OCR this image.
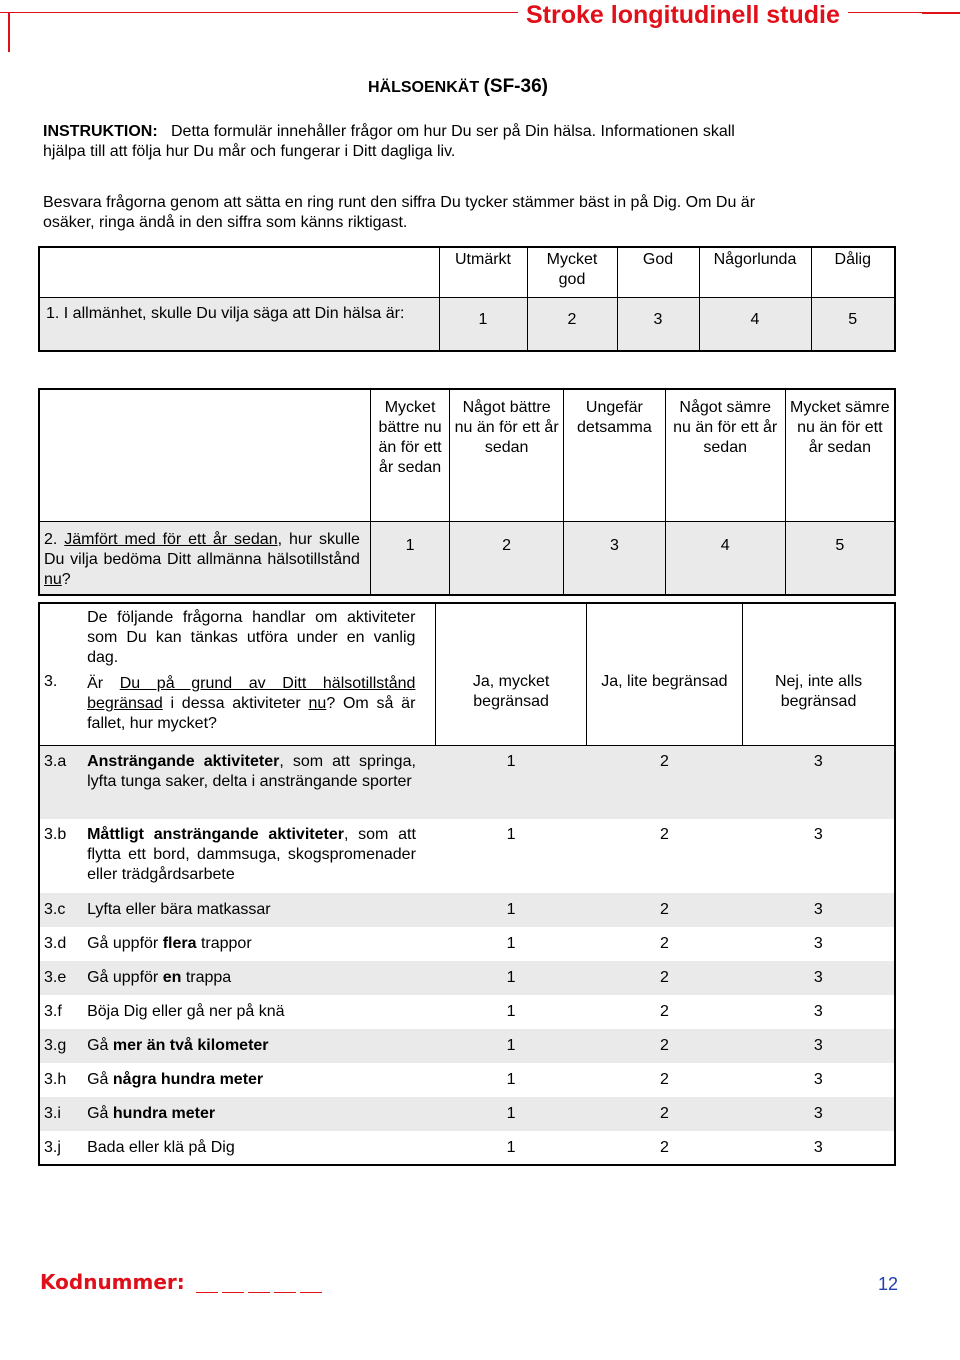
Stroke longitudinell studie
HÄLSOENKÄT (SF-36)
INSTRUKTION: Detta formulär innehåller frågor om hur Du ser på Din hälsa. Informationen skall
hjälpa till att följa hur Du mår och fungerar i Ditt dagliga liv.
Besvara frågorna genom att sätta en ring runt den siffra Du tycker stämmer bäst in på Dig. Om Du är
osäker, ringa ändå in den siffra som känns riktigast.
	Utmärkt	Mycket god	God	Någorlunda	Dålig
1. I allmänhet, skulle Du vilja säga att Din hälsa är:	1	2	3	4	5
	Mycket bättre nu än för ett år sedan	Något bättre nu än för ett år sedan	Ungefär detsamma	Något sämre nu än för ett år sedan	Mycket sämre nu än för ett år sedan
2. Jämfört med för ett år sedan, hur skulle Du vilja bedöma Ditt allmänna hälsotillstånd nu?	1	2	3	4	5
3.	De följande frågorna handlar om aktiviteter som Du kan tänkas utföra under en vanlig dag.
Är Du på grund av Ditt hälsotillstånd begränsad i dessa aktiviteter nu? Om så är fallet, hur mycket?	Ja, mycket begränsad	Ja, lite begränsad	Nej, inte alls begränsad
3.a	Ansträngande aktiviteter, som att springa, lyfta tunga saker, delta i ansträngande sporter	1	2	3
3.b	Måttligt ansträngande aktiviteter, som att flytta ett bord, dammsuga, skogspromenader eller trädgårdsarbete	1	2	3
3.c	Lyfta eller bära matkassar	1	2	3
3.d	Gå uppför flera trappor	1	2	3
3.e	Gå uppför en trappa	1	2	3
3.f	Böja Dig eller gå ner på knä	1	2	3
3.g	Gå mer än två kilometer	1	2	3
3.h	Gå några hundra meter	1	2	3
3.i	Gå hundra meter	1	2	3
3.j	Bada eller klä på Dig	1	2	3
Kodnummer:	12
